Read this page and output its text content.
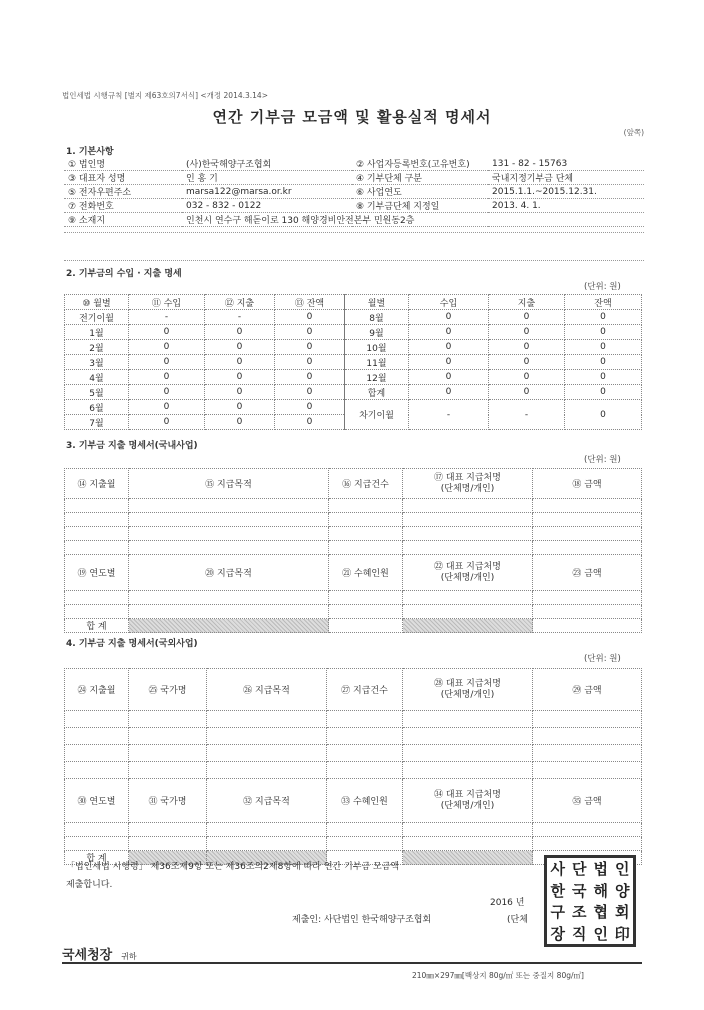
법인세법 시행규칙 [별지 제63호의7서식] <개정 2014.3.14>
연간 기부금 모금액 및 활용실적 명세서
(앞쪽)
1. 기본사항
① 법인명	(사)한국해양구조협회	② 사업자등록번호(고유번호)	131 - 82 - 15763
③ 대표자 성명	인 홍 기	④ 기부단체 구분	국내지정기부금 단체
⑤ 전자우편주소	marsa122@marsa.or.kr	⑥ 사업연도	2015.1.1.~2015.12.31.
⑦ 전화번호	032 - 832 - 0122	⑧ 기부금단체 지정일	2013. 4. 1.
⑨ 소재지	인천시 연수구 해돋이로 130 해양경비안전본부 민원동2층		
2. 기부금의 수입 · 지출 명세
(단위: 원)
⑩ 월별	⑪ 수입	⑫ 지출	⑬ 잔액	월별	수입	지출	잔액
전기이월	-	-	0	8월	0	0	0
1월	0	0	0	9월	0	0	0
2월	0	0	0	10월	0	0	0
3월	0	0	0	11월	0	0	0
4월	0	0	0	12월	0	0	0
5월	0	0	0	합계	0	0	0
6월	0	0	0	차기이월	-	-	0
7월	0	0	0				
3. 기부금 지출 명세서(국내사업)
(단위: 원)
⑭ 지출월	⑮ 지급목적	⑯ 지급건수	⑰ 대표 지급처명
(단체명/개인)	⑱ 금액

⑲ 연도별	⑳ 지급목적	㉑ 수혜인원	㉒ 대표 지급처명
(단체명/개인)	㉓ 금액

합 계				
4. 기부금 지출 명세서(국외사업)
(단위: 원)
㉔ 지출월	㉕ 국가명	㉖ 지급목적	㉗ 지급건수	㉘ 대표 지급처명
(단체명/개인)	㉙ 금액

㉚ 연도별	㉛ 국가명	㉜ 지급목적	㉝ 수혜인원	㉞ 대표 지급처명
(단체명/개인)	㉟ 금액

합 계					
「법인세법 시행령」 제36조제9항 또는 제36조의2제8항에 따라 연간 기부금 모금액
제출합니다.
2016 년
제출인: 사단법인 한국해양구조협회	(단체
사 단 법 인
한 국 해 양
구 조 협 회
장 직 인 印
국세청장 귀하
210㎜×297㎜[백상지 80g/㎡ 또는 중질지 80g/㎡]
